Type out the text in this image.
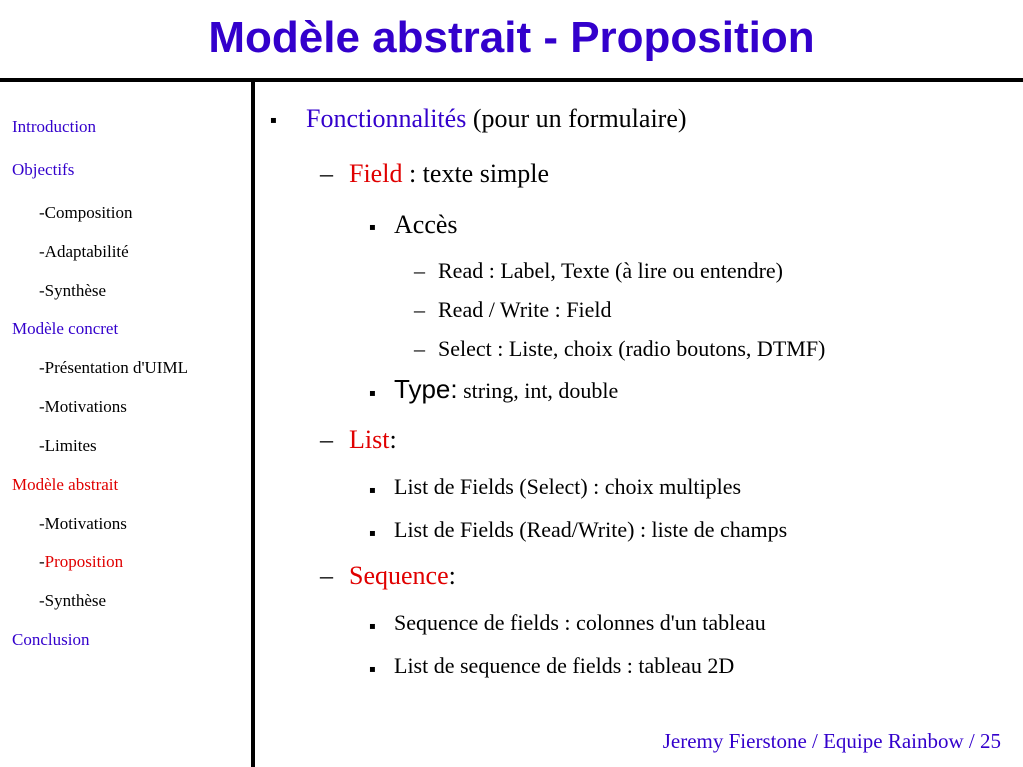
Modèle abstrait - Proposition
Introduction
Objectifs
-Composition
-Adaptabilité
-Synthèse
Modèle concret
-Présentation d'UIML
-Motivations
-Limites
Modèle abstrait
-Motivations
-Proposition
-Synthèse
Conclusion
▪ Fonctionnalités (pour un formulaire)
– Field : texte simple
▪ Accès
– Read : Label, Texte (à lire ou entendre)
– Read / Write : Field
– Select : Liste, choix (radio boutons, DTMF)
▪ Type: string, int, double
– List:
▪ List de Fields (Select) : choix multiples
▪ List de Fields (Read/Write) : liste de champs
– Sequence:
▪ Sequence de fields : colonnes d'un tableau
▪ List de sequence de fields : tableau 2D
Jeremy Fierstone / Equipe Rainbow / 25
